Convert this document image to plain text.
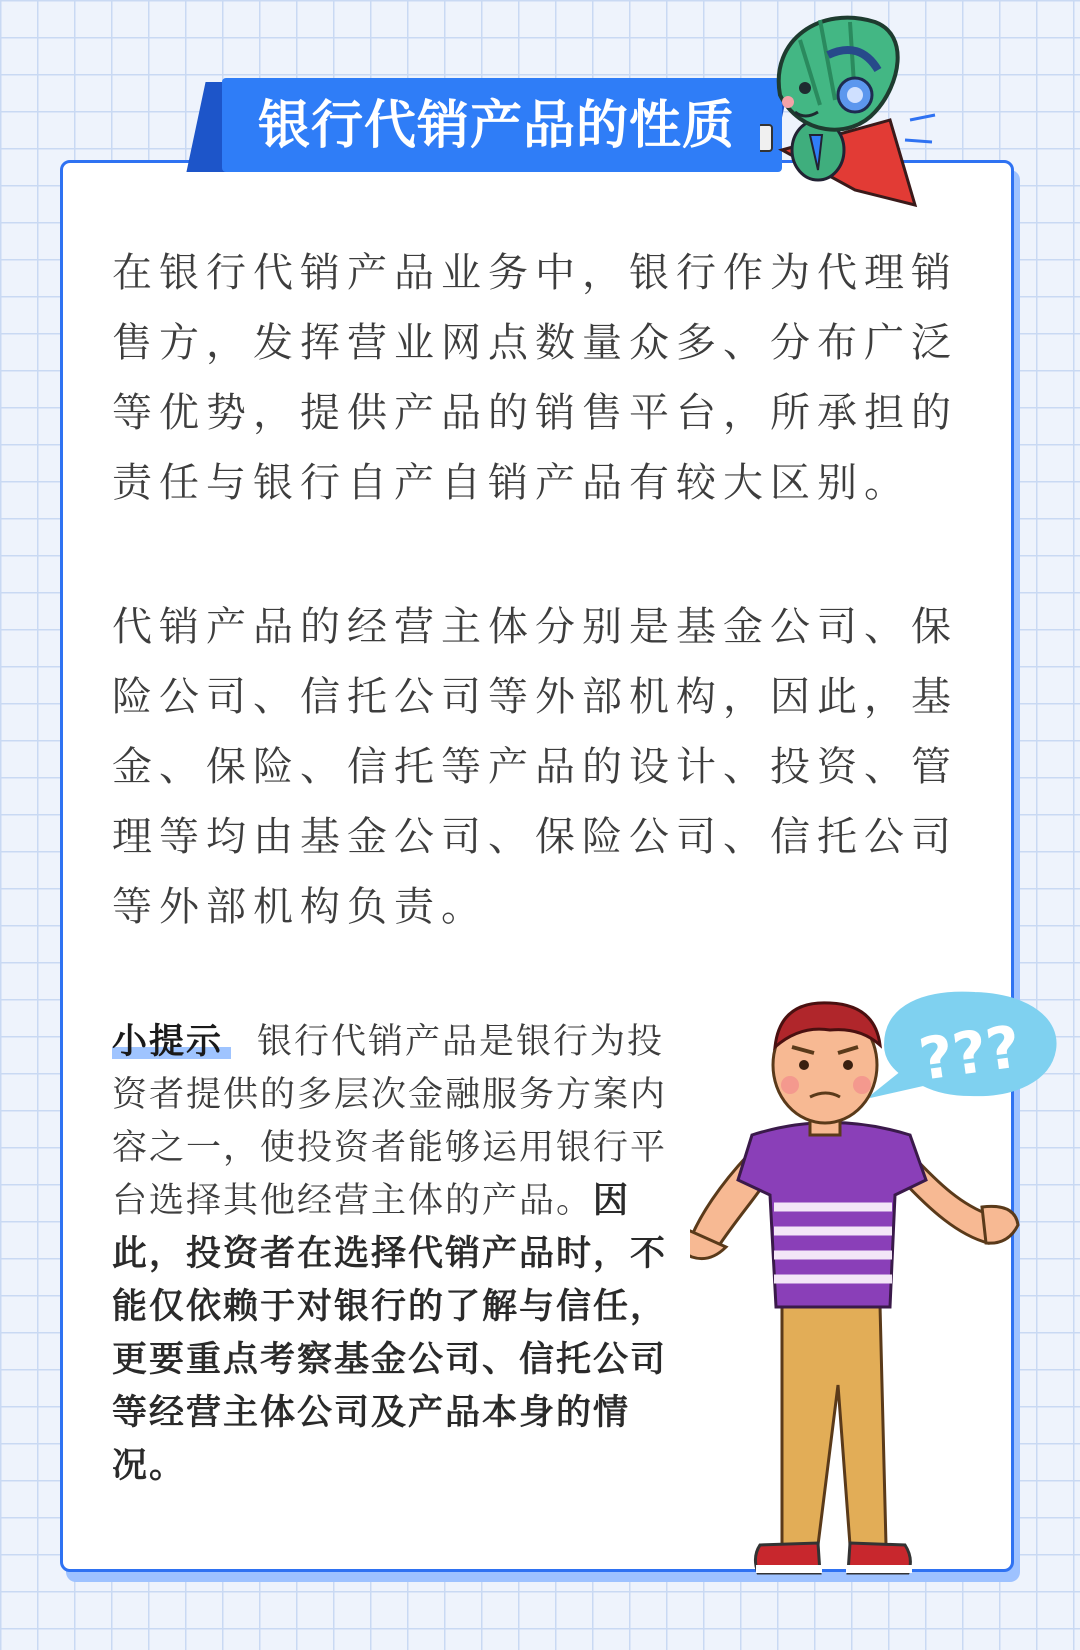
银行代销产品的性质

在银行代销产品业务中，银行作为代理销售方，发挥营业网点数量众多、分布广泛等优势，提供产品的销售平台，所承担的责任与银行自产自销产品有较大区别。

代销产品的经营主体分别是基金公司、保险公司、信托公司等外部机构，因此，基金、保险、信托等产品的设计、投资、管理等均由基金公司、保险公司、信托公司等外部机构负责。

小提示 银行代销产品是银行为投资者提供的多层次金融服务方案内容之一，使投资者能够运用银行平台选择其他经营主体的产品。因此，投资者在选择代销产品时，不能仅依赖于对银行的了解与信任，更要重点考察基金公司、信托公司等经营主体公司及产品本身的情况。

???
